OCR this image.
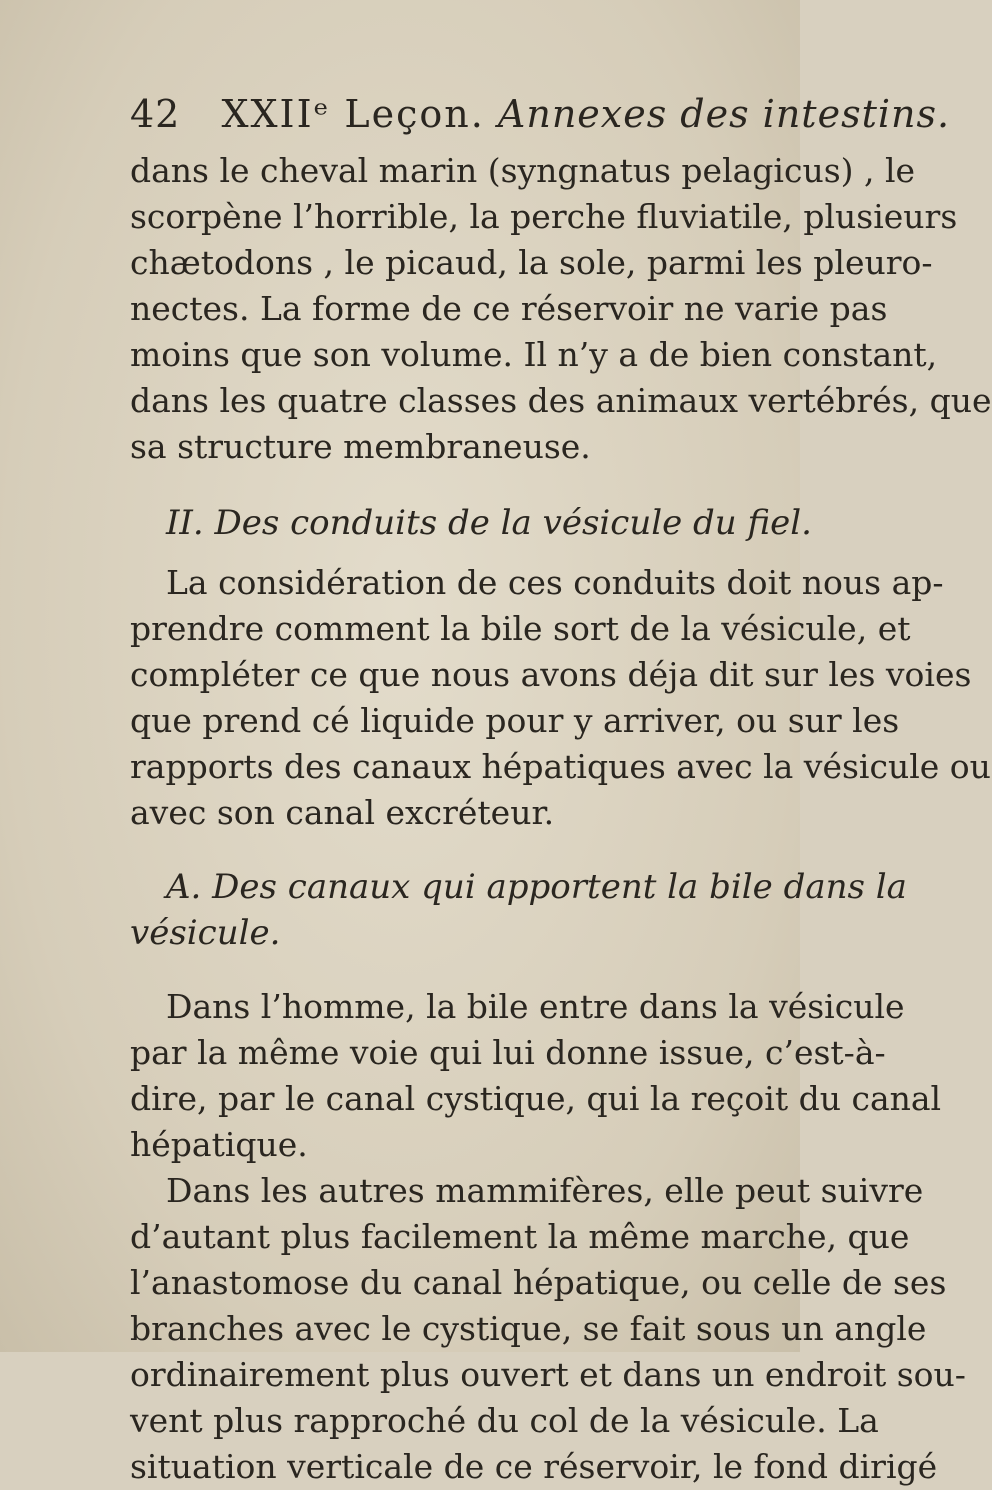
42 XXIIᵉ Leçon. Annexes des intestins.
dans le cheval marin (syngnatus pelagicus) , le
scorpène l’horrible, la perche fluviatile, plusieurs
chætodons , le picaud, la sole, parmi les pleuro-
nectes. La forme de ce réservoir ne varie pas
moins que son volume. Il n’y a de bien constant,
dans les quatre classes des animaux vertébrés, que
sa structure membraneuse.
II. Des conduits de la vésicule du fiel.
La considération de ces conduits doit nous ap-
prendre comment la bile sort de la vésicule, et
compléter ce que nous avons déja dit sur les voies
que prend cé liquide pour y arriver, ou sur les
rapports des canaux hépatiques avec la vésicule ou
avec son canal excréteur.
A. Des canaux qui apportent la bile dans la
vésicule.
Dans l’homme, la bile entre dans la vésicule
par la même voie qui lui donne issue, c’est-à-
dire, par le canal cystique, qui la reçoit du canal
hépatique.
Dans les autres mammifères, elle peut suivre
d’autant plus facilement la même marche, que
l’anastomose du canal hépatique, ou celle de ses
branches avec le cystique, se fait sous un angle
ordinairement plus ouvert et dans un endroit sou-
vent plus rapproché du col de la vésicule. La
situation verticale de ce réservoir, le fond dirigé
